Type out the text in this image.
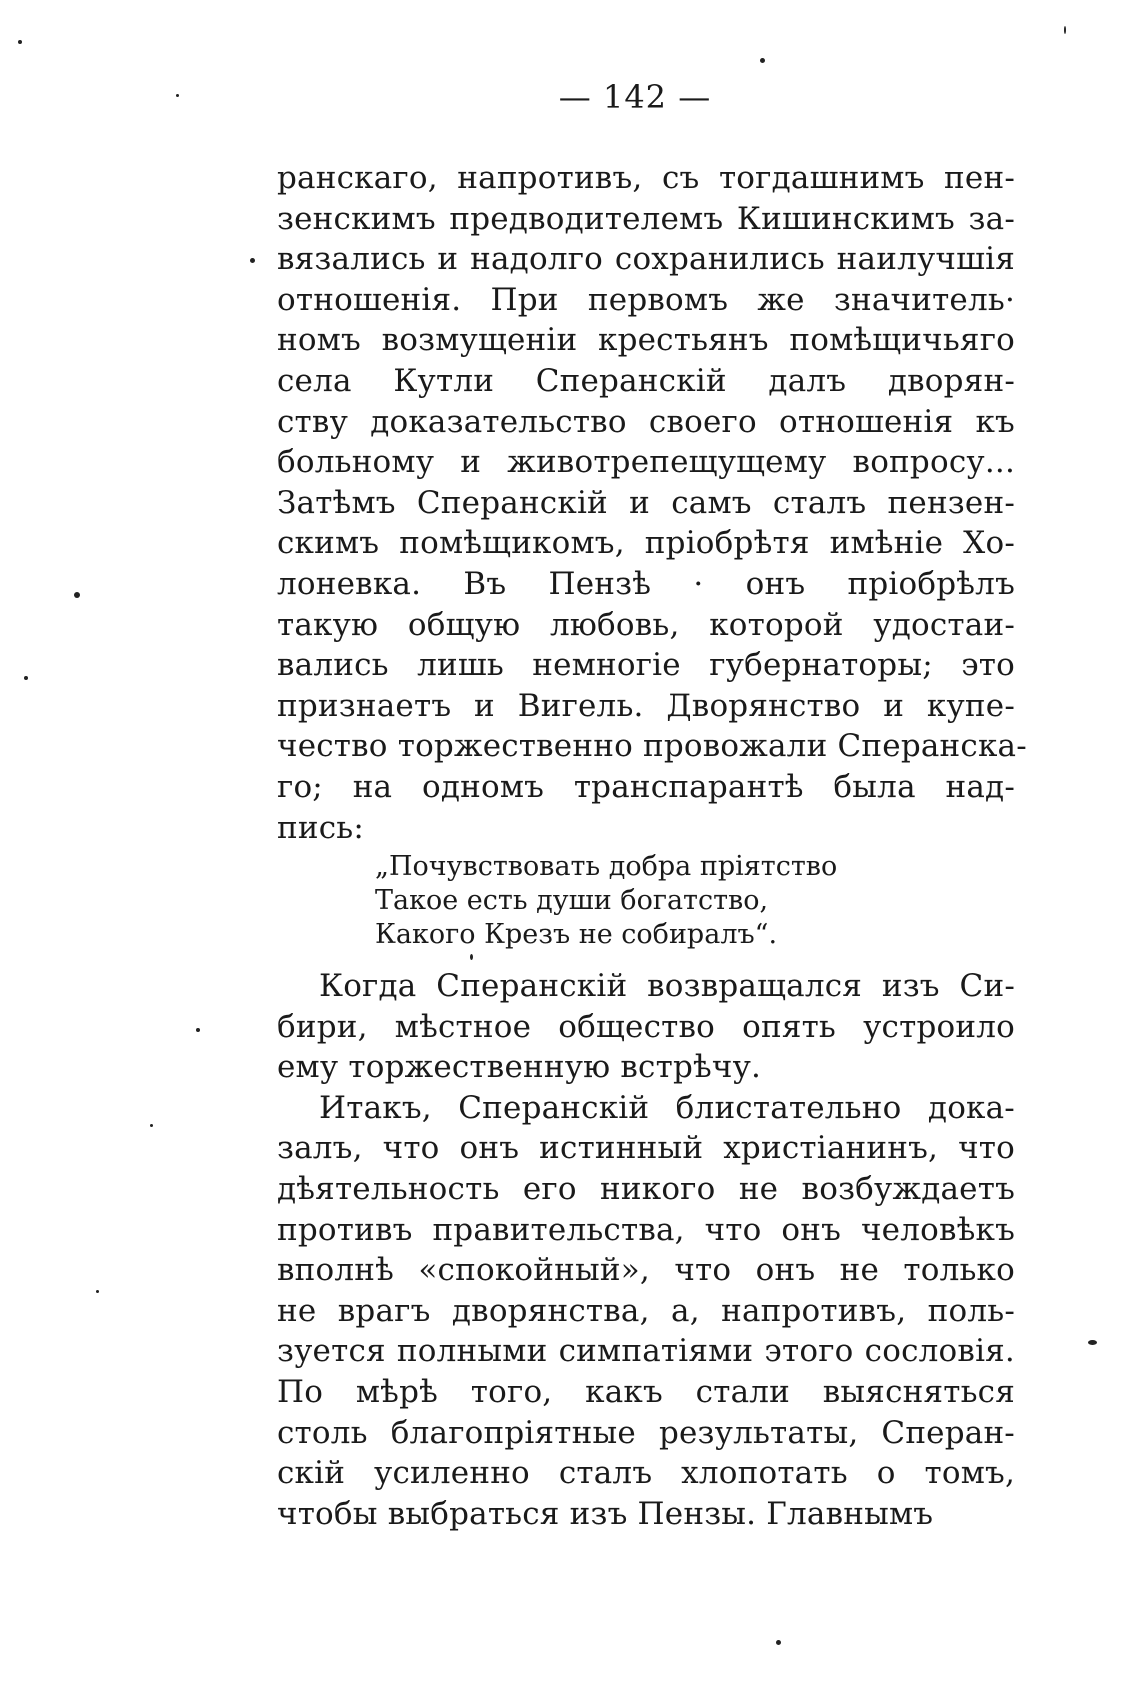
— 142 —
ранскаго, напротивъ, съ тогдашнимъ пен-
зенскимъ предводителемъ Кишинскимъ за-
вязались и надолго сохранились наилучшія
отношенія. При первомъ же значитель·
номъ возмущеніи крестьянъ помѣщичьяго
села Кутли Сперанскій далъ дворян-
ству доказательство своего отношенія къ
больному и животрепещущему вопросу...
Затѣмъ Сперанскій и самъ сталъ пензен-
скимъ помѣщикомъ, пріобрѣтя имѣніе Хо-
лоневка. Въ Пензѣ · онъ пріобрѣлъ
такую общую любовь, которой удостаи-
вались лишь немногіе губернаторы; это
признаетъ и Вигель. Дворянство и купе-
чество торжественно провожали Сперанска-
го; на одномъ транспарантѣ была над-
пись:
„Почувствовать добра пріятство
Такое есть души богатство,
Какого Крезъ не собиралъ“.
Когда Сперанскій возвращался изъ Си-
бири, мѣстное общество опять устроило
ему торжественную встрѣчу.
Итакъ, Сперанскій блистательно дока-
залъ, что онъ истинный христіанинъ, что
дѣятельность его никого не возбуждаетъ
противъ правительства, что онъ человѣкъ
вполнѣ «спокойный», что онъ не только
не врагъ дворянства, а, напротивъ, поль-
зуется полными симпатіями этого сословія.
По мѣрѣ того, какъ стали выясняться
столь благопріятные результаты, Сперан-
скій усиленно сталъ хлопотать о томъ,
чтобы выбраться изъ Пензы. Главнымъ
